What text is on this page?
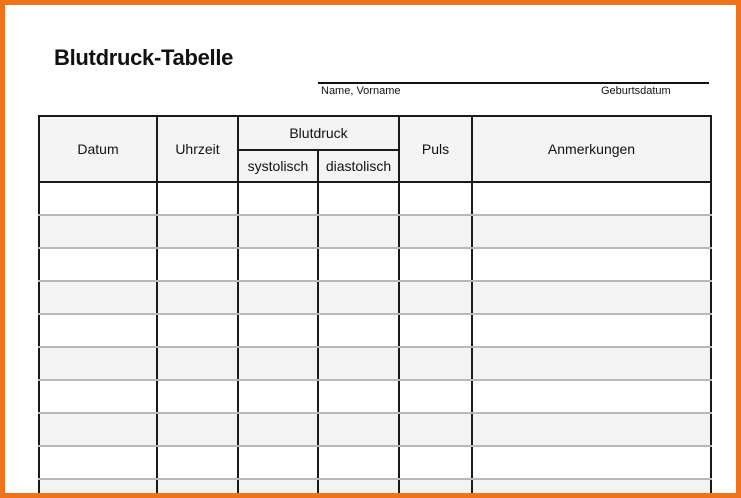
Blutdruck-Tabelle
Name, Vorname	Geburtsdatum
Datum	Uhrzeit	Blutdruck		Puls	Anmerkungen
		systolisch	diastolisch		
